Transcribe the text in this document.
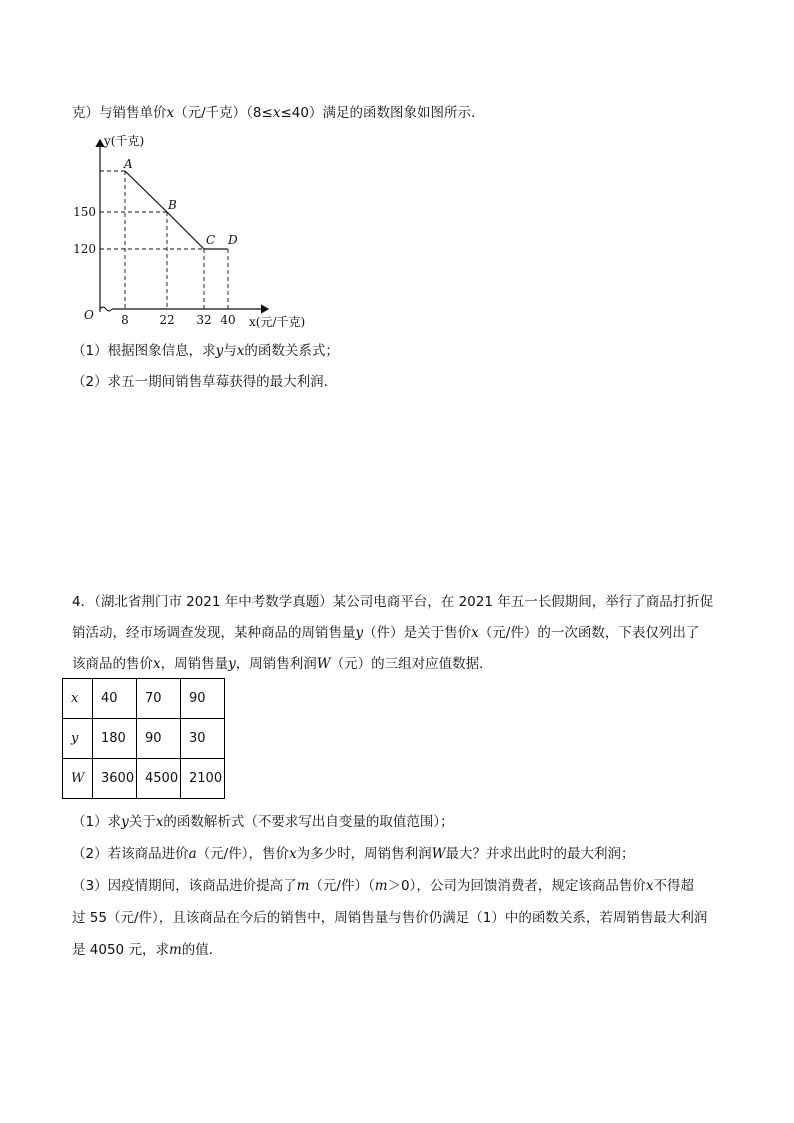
克）与销售单价x（元/千克）（8≤x≤40）满足的函数图象如图所示．
A
B
C D
8	22 32 40
150
120
y(千克)
O	x(元/千克)
（1）根据图象信息，求y与x的函数关系式；
（2）求五一期间销售草莓获得的最大利润．
4．（湖北省荆门市 2021 年中考数学真题）某公司电商平台，在 2021 年五一长假期间，举行了商品打折促
销活动，经市场调查发现，某种商品的周销售量y（件）是关于售价x（元/件）的一次函数，下表仅列出了
该商品的售价x，周销售量y，周销售利润W（元）的三组对应值数据．
x	40	70	90
y	180	90	30
W	3600	4500	2100
（1）求y关于x的函数解析式（不要求写出自变量的取值范围）；
（2）若该商品进价a（元/件），售价x为多少时，周销售利润W最大？并求出此时的最大利润；
（3）因疫情期间，该商品进价提高了m（元/件）（m＞0），公司为回馈消费者，规定该商品售价x不得超
过 55（元/件），且该商品在今后的销售中，周销售量与售价仍满足（1）中的函数关系，若周销售最大利润
是 4050 元，求m的值．
